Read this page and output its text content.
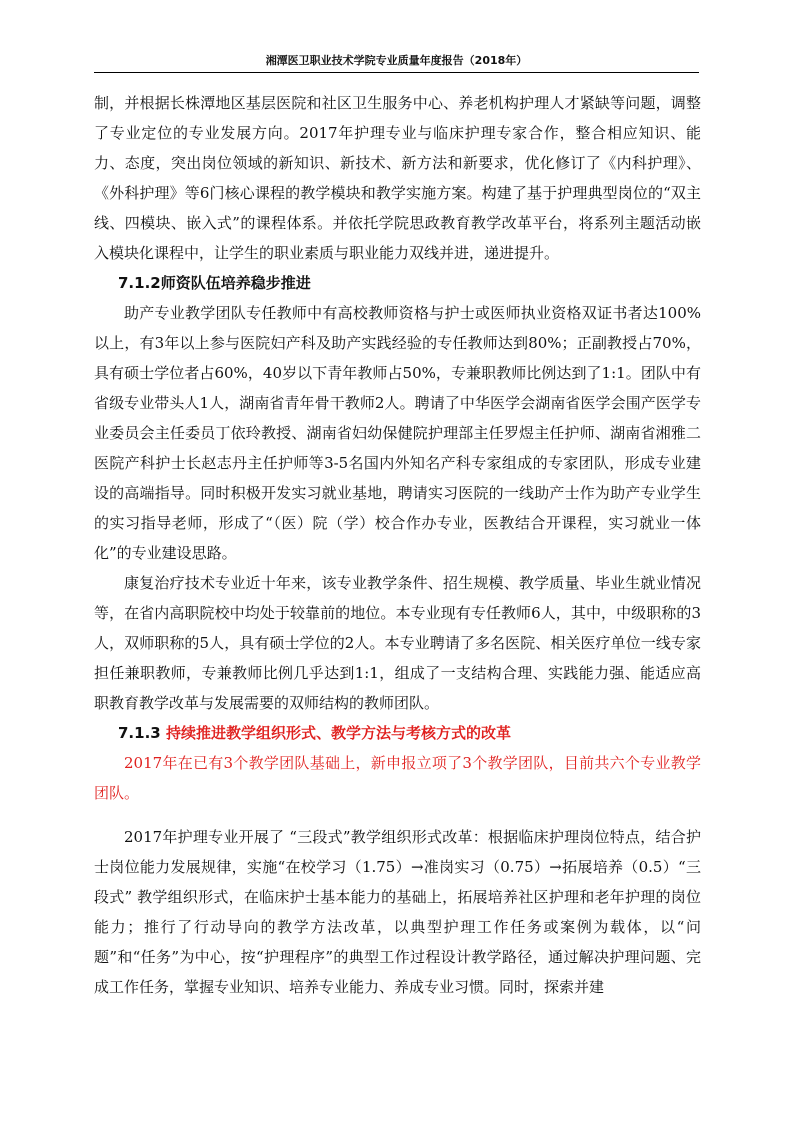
湘潭医卫职业技术学院专业质量年度报告（2018年）

制，并根据长株潭地区基层医院和社区卫生服务中心、养老机构护理人才紧缺等问题，调整了专业定位的专业发展方向。2017年护理专业与临床护理专家合作，整合相应知识、能力、态度，突出岗位领域的新知识、新技术、新方法和新要求，优化修订了《内科护理》、《外科护理》等6门核心课程的教学模块和教学实施方案。构建了基于护理典型岗位的“双主线、四模块、嵌入式”的课程体系。并依托学院思政教育教学改革平台，将系列主题活动嵌入模块化课程中，让学生的职业素质与职业能力双线并进，递进提升。

7.1.2师资队伍培养稳步推进

助产专业教学团队专任教师中有高校教师资格与护士或医师执业资格双证书者达100%以上，有3年以上参与医院妇产科及助产实践经验的专任教师达到80%；正副教授占70%，具有硕士学位者占60%，40岁以下青年教师占50%，专兼职教师比例达到了1:1。团队中有省级专业带头人1人，湖南省青年骨干教师2人。聘请了中华医学会湖南省医学会围产医学专业委员会主任委员丁依玲教授、湖南省妇幼保健院护理部主任罗煜主任护师、湖南省湘雅二医院产科护士长赵志丹主任护师等3-5名国内外知名产科专家组成的专家团队，形成专业建设的高端指导。同时积极开发实习就业基地，聘请实习医院的一线助产士作为助产专业学生的实习指导老师，形成了“（医）院（学）校合作办专业，医教结合开课程，实习就业一体化”的专业建设思路。

康复治疗技术专业近十年来，该专业教学条件、招生规模、教学质量、毕业生就业情况等，在省内高职院校中均处于较靠前的地位。本专业现有专任教师6人，其中，中级职称的3人，双师职称的5人，具有硕士学位的2人。本专业聘请了多名医院、相关医疗单位一线专家担任兼职教师，专兼教师比例几乎达到1:1，组成了一支结构合理、实践能力强、能适应高职教育教学改革与发展需要的双师结构的教师团队。

7.1.3 持续推进教学组织形式、教学方法与考核方式的改革

2017年在已有3个教学团队基础上，新申报立项了3个教学团队，目前共六个专业教学团队。

2017年护理专业开展了 “三段式”教学组织形式改革：根据临床护理岗位特点，结合护士岗位能力发展规律，实施“在校学习（1.75）→准岗实习（0.75）→拓展培养（0.5）“三段式” 教学组织形式，在临床护士基本能力的基础上，拓展培养社区护理和老年护理的岗位能力；推行了行动导向的教学方法改革，以典型护理工作任务或案例为载体，以“问题”和“任务”为中心，按“护理程序”的典型工作过程设计教学路径，通过解决护理问题、完成工作任务，掌握专业知识、培养专业能力、养成专业习惯。同时，探索并建
